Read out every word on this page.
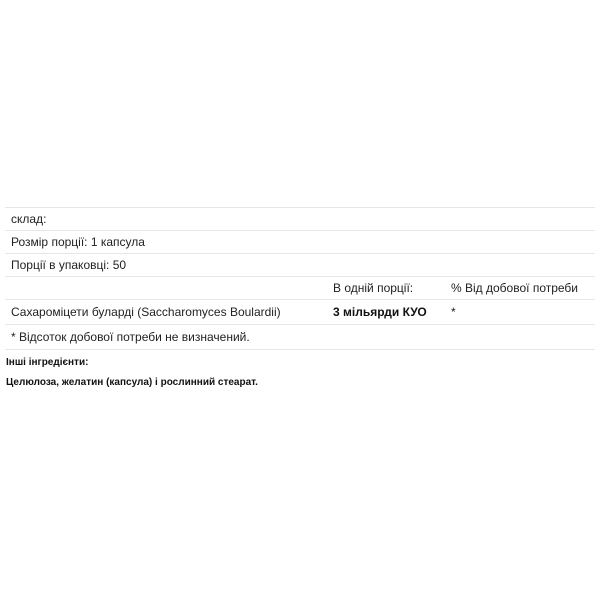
склад:		
Розмір порції: 1 капсула		
Порції в упаковці: 50		
	В одній порції:	% Від добової потреби
Сахароміцети буларді (Saccharomyces Boulardii)	3 мільярди КУО	*
* Відсоток добової потреби не визначений.		
Інші інгредієнти:
Целюлоза, желатин (капсула) і рослинний стеарат.
